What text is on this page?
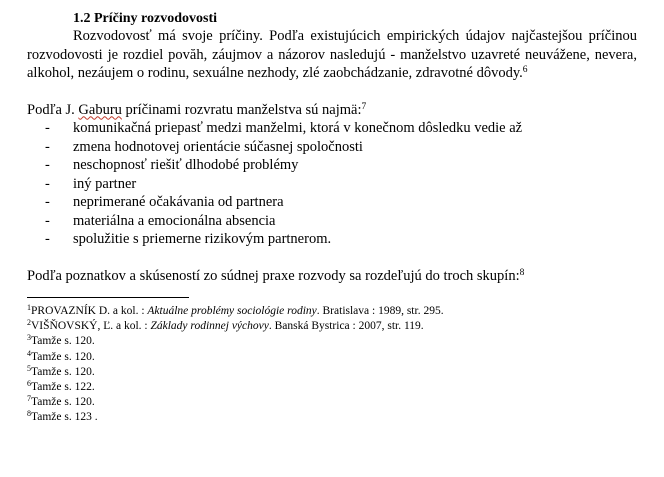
1.2 Príčiny rozvodovosti

Rozvodovosť má svoje príčiny. Podľa existujúcich empirických údajov najčastejšou príčinou rozvodovosti je rozdiel povăh, záujmov a názorov nasledujú - manželstvo uzavreté neuvážene, nevera, alkohol, nezáujem o rodinu, sexuálne nezhody, zlé zaobchádzanie, zdravotné dôvody.$^6$

Podľa J. Gaburu príčinami rozvratu manželstva sú najmä:$^7$

- komunikačná priepasť medzi manželmi, ktorá v konečnom dôsledku vedie až
- zmena hodnotovej orientácie súčasnej spoločnosti
- neschopnosť riešiť dlhodobé problémy
- iný partner
- neprimerané očakávania od partnera
- materiálna a emocionálna absencia
- spolužitie s priemerne rizikovým partnerom.

Podľa poznatkov a skúseností zo súdnej praxe rozvody sa rozdeľujú do troch skupín:$^8$

$^1$PROVAZNÍK D. a kol. : Aktuálne problémy sociológie rodiny. Bratislava : 1989, str. 295.

$^2$VIŠŇOVSKÝ, Ľ. a kol. : Základy rodinnej výchovy. Banská Bystrica : 2007, str. 119.

$^3$Tamže s. 120.

$^4$Tamže s. 120.

$^5$Tamže s. 120.

$^6$Tamže s. 122.

$^7$Tamže s. 120.

$^8$Tamže s. 123 .
